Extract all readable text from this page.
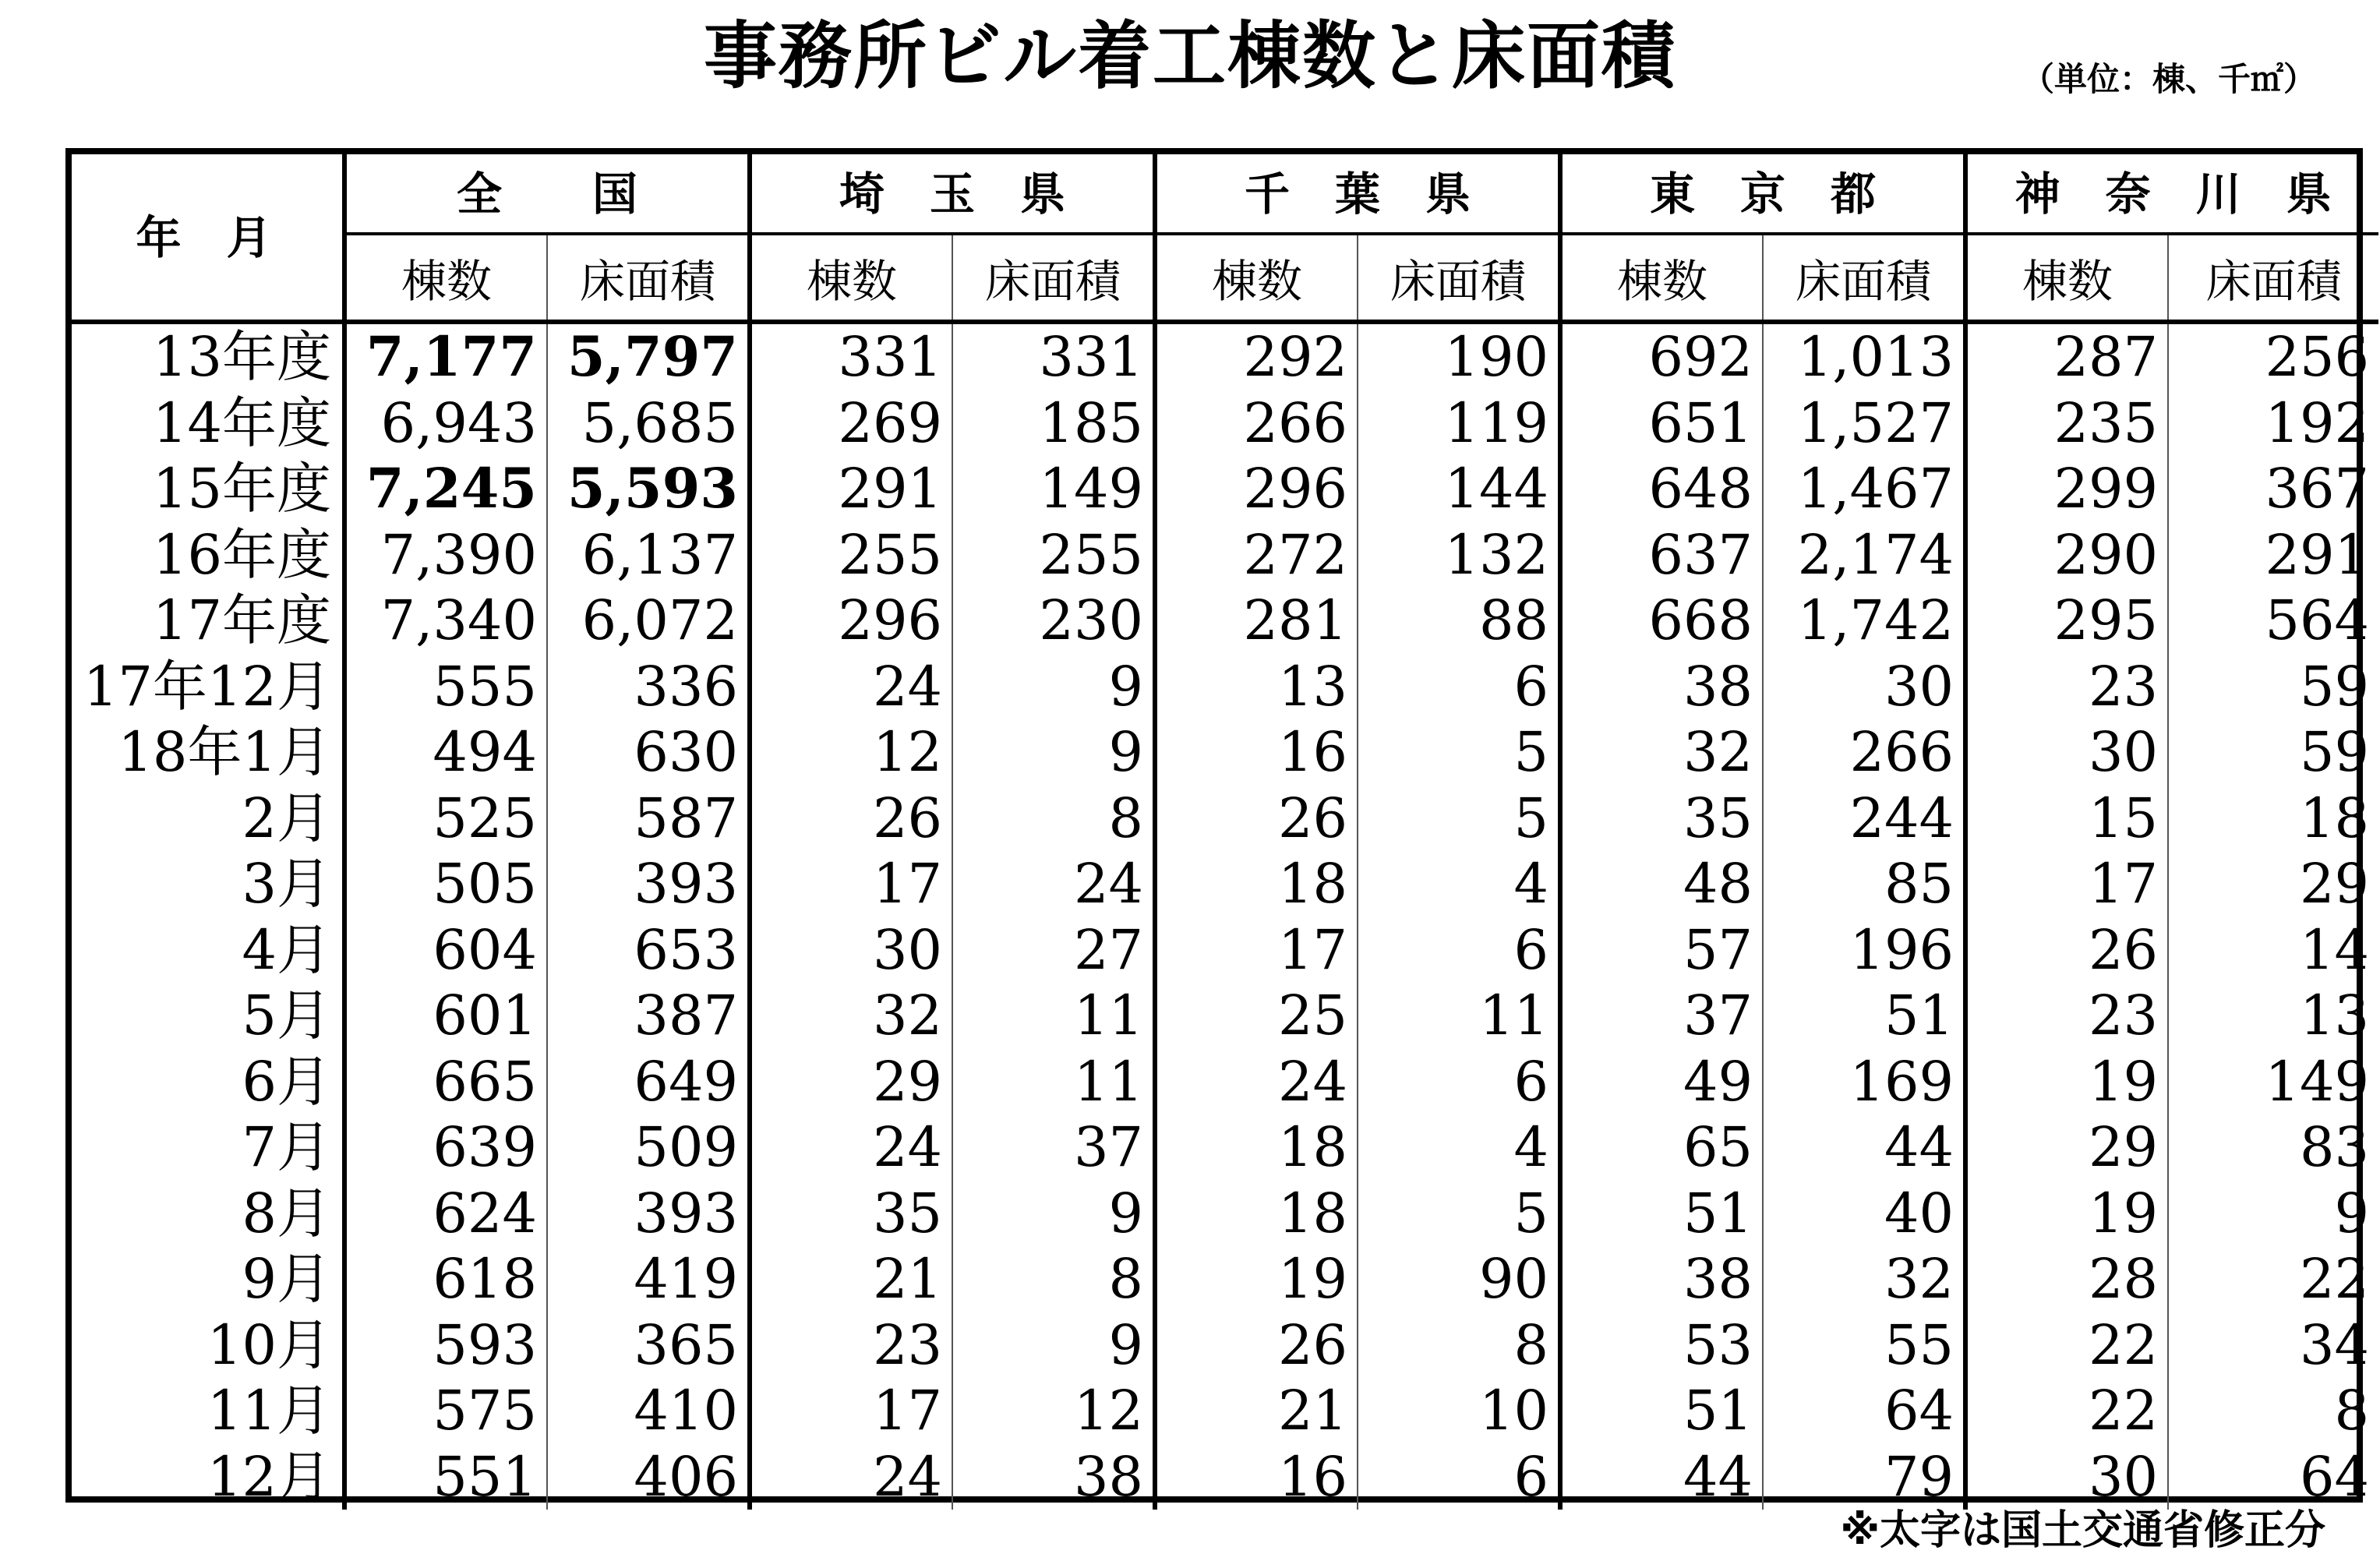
事務所ビル着工棟数と床面積	（単位：棟、千㎡）
年　月	全　　国		埼　玉　県		千　葉　県		東　京　都		神　奈　川　県	
	棟数	床面積	棟数	床面積	棟数	床面積	棟数	床面積	棟数	床面積
13年度	7,177	5,797	331	331	292	190	692	1,013	287	256
14年度	6,943	5,685	269	185	266	119	651	1,527	235	192
15年度	7,245	5,593	291	149	296	144	648	1,467	299	367
16年度	7,390	6,137	255	255	272	132	637	2,174	290	291
17年度	7,340	6,072	296	230	281	88	668	1,742	295	564
17年12月	555	336	24	9	13	6	38	30	23	59
18年1月	494	630	12	9	16	5	32	266	30	59
2月	525	587	26	8	26	5	35	244	15	18
3月	505	393	17	24	18	4	48	85	17	29
4月	604	653	30	27	17	6	57	196	26	14
5月	601	387	32	11	25	11	37	51	23	13
6月	665	649	29	11	24	6	49	169	19	149
7月	639	509	24	37	18	4	65	44	29	83
8月	624	393	35	9	18	5	51	40	19	9
9月	618	419	21	8	19	90	38	32	28	22
10月	593	365	23	9	26	8	53	55	22	34
11月	575	410	17	12	21	10	51	64	22	8
12月	551	406	24	38	16	6	44	79	30	64
※太字は国土交通省修正分
